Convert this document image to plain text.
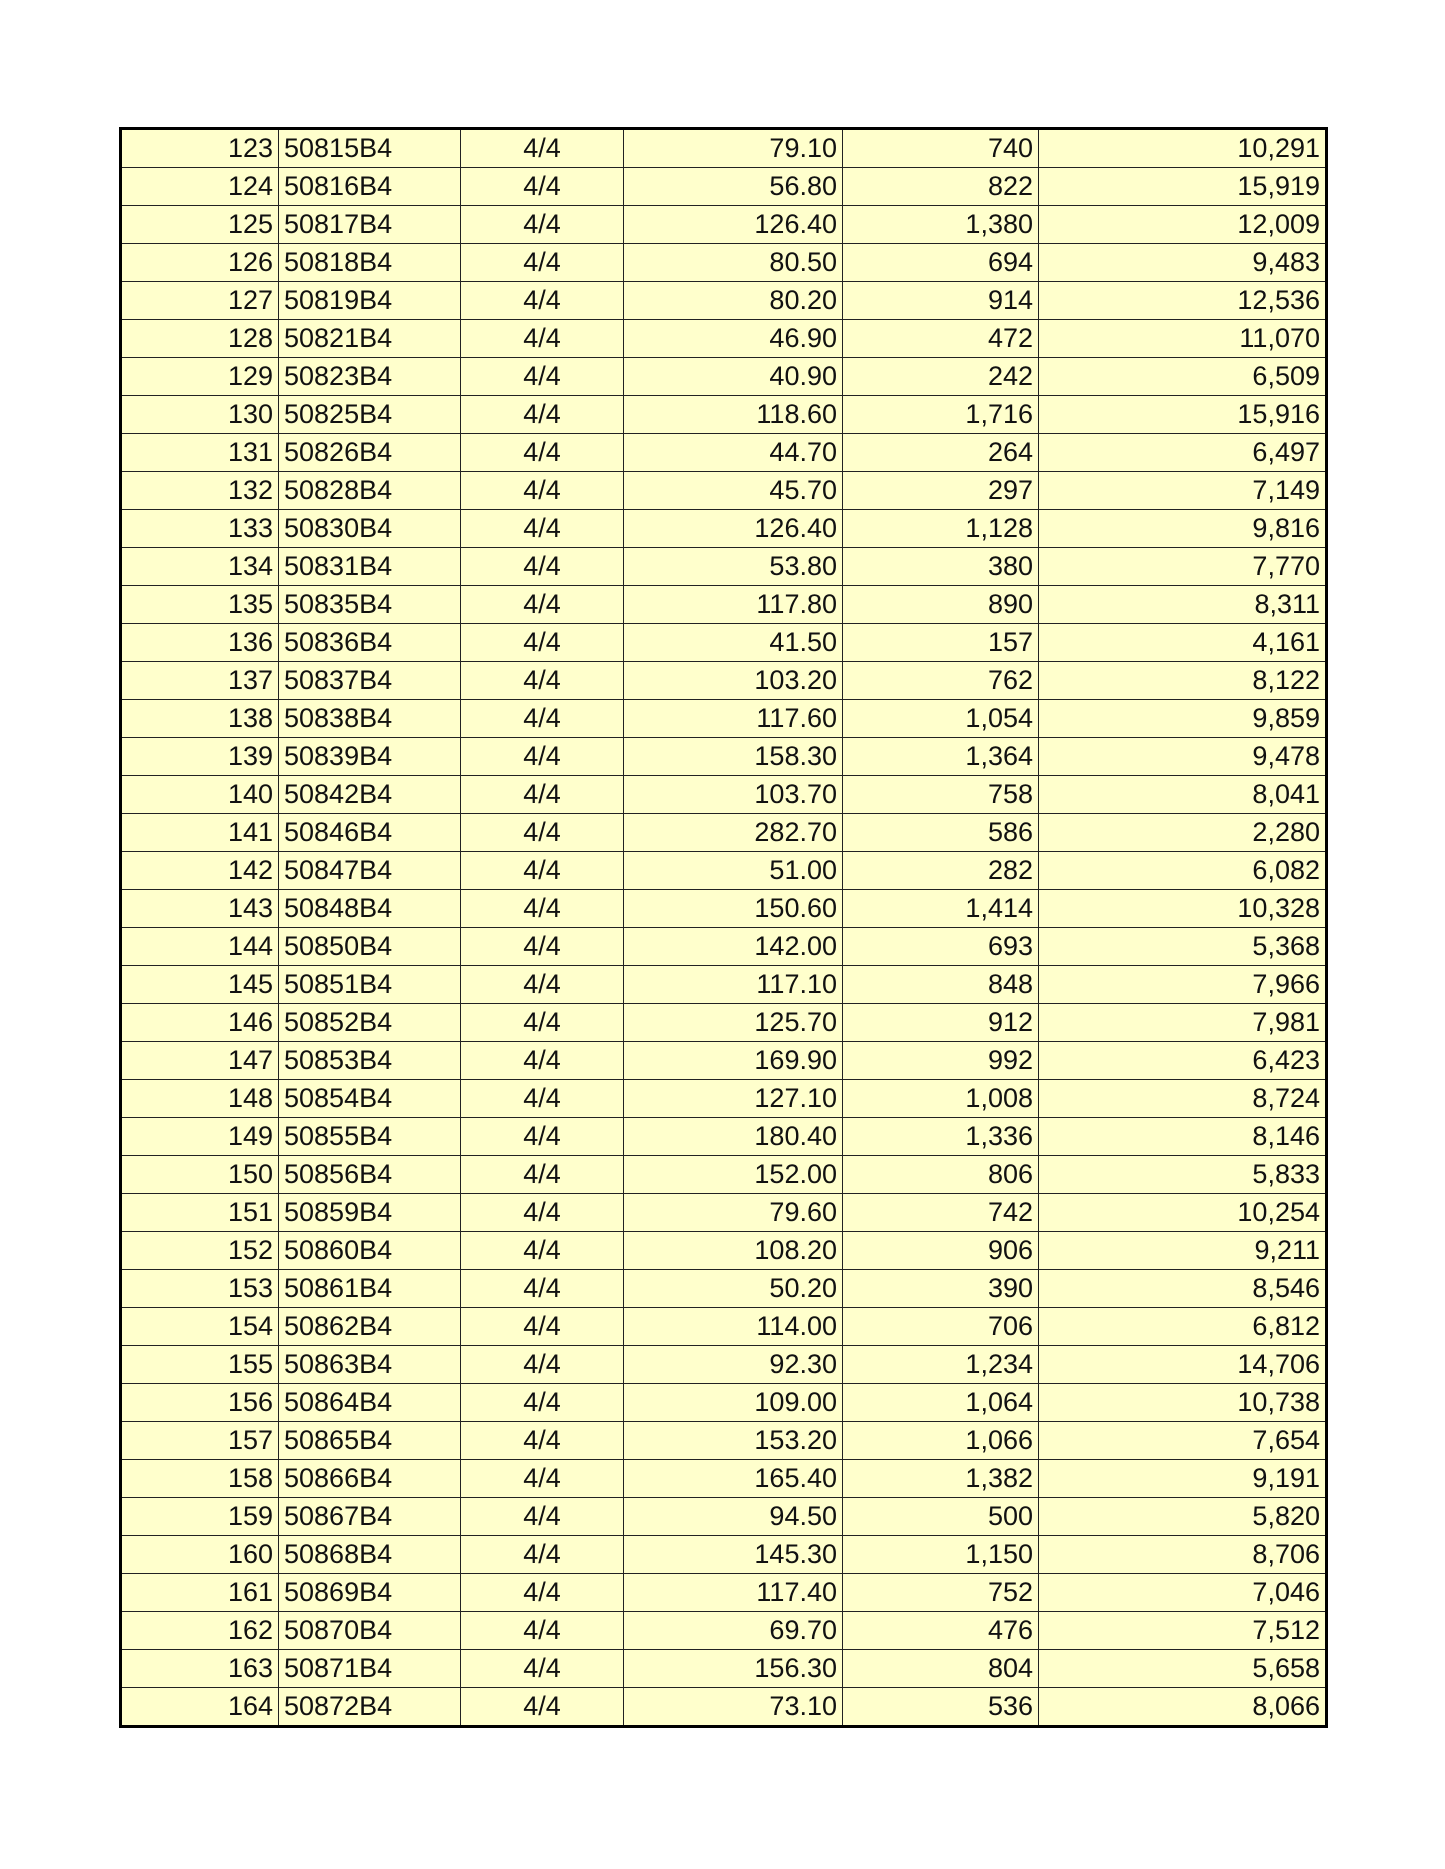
123	50815B4	4/4	79.10	740	10,291
124	50816B4	4/4	56.80	822	15,919
125	50817B4	4/4	126.40	1,380	12,009
126	50818B4	4/4	80.50	694	9,483
127	50819B4	4/4	80.20	914	12,536
128	50821B4	4/4	46.90	472	11,070
129	50823B4	4/4	40.90	242	6,509
130	50825B4	4/4	118.60	1,716	15,916
131	50826B4	4/4	44.70	264	6,497
132	50828B4	4/4	45.70	297	7,149
133	50830B4	4/4	126.40	1,128	9,816
134	50831B4	4/4	53.80	380	7,770
135	50835B4	4/4	117.80	890	8,311
136	50836B4	4/4	41.50	157	4,161
137	50837B4	4/4	103.20	762	8,122
138	50838B4	4/4	117.60	1,054	9,859
139	50839B4	4/4	158.30	1,364	9,478
140	50842B4	4/4	103.70	758	8,041
141	50846B4	4/4	282.70	586	2,280
142	50847B4	4/4	51.00	282	6,082
143	50848B4	4/4	150.60	1,414	10,328
144	50850B4	4/4	142.00	693	5,368
145	50851B4	4/4	117.10	848	7,966
146	50852B4	4/4	125.70	912	7,981
147	50853B4	4/4	169.90	992	6,423
148	50854B4	4/4	127.10	1,008	8,724
149	50855B4	4/4	180.40	1,336	8,146
150	50856B4	4/4	152.00	806	5,833
151	50859B4	4/4	79.60	742	10,254
152	50860B4	4/4	108.20	906	9,211
153	50861B4	4/4	50.20	390	8,546
154	50862B4	4/4	114.00	706	6,812
155	50863B4	4/4	92.30	1,234	14,706
156	50864B4	4/4	109.00	1,064	10,738
157	50865B4	4/4	153.20	1,066	7,654
158	50866B4	4/4	165.40	1,382	9,191
159	50867B4	4/4	94.50	500	5,820
160	50868B4	4/4	145.30	1,150	8,706
161	50869B4	4/4	117.40	752	7,046
162	50870B4	4/4	69.70	476	7,512
163	50871B4	4/4	156.30	804	5,658
164	50872B4	4/4	73.10	536	8,066
